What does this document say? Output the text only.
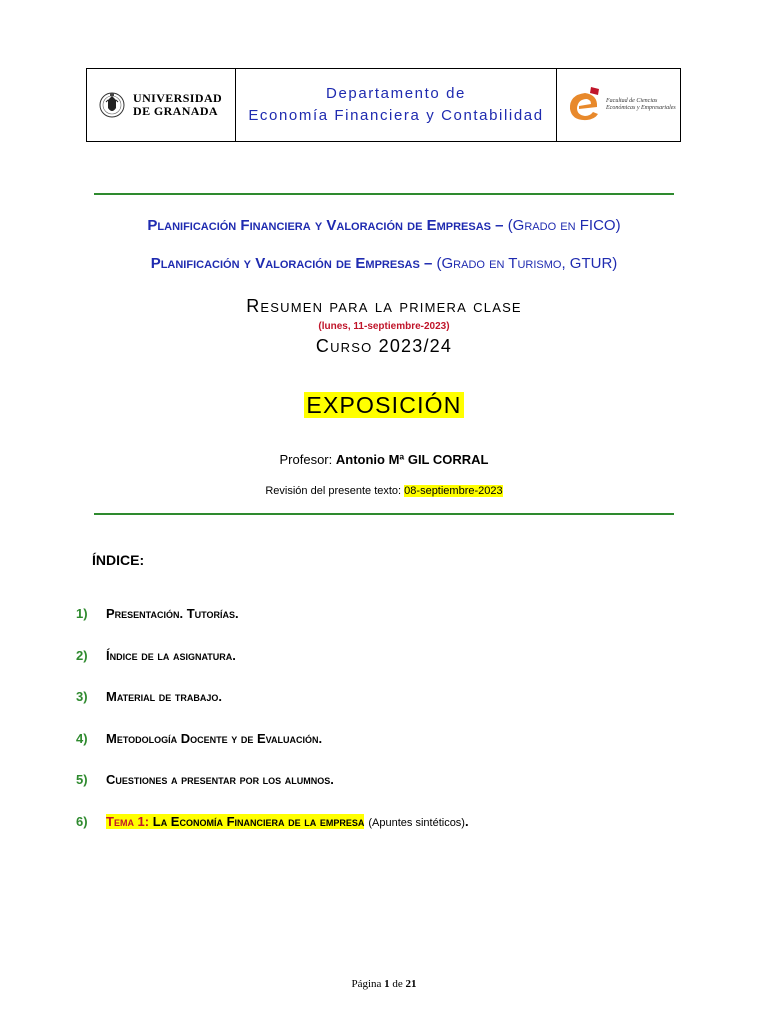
UNIVERSIDAD
DE GRANADA
Departamento de
Economía Financiera y Contabilidad
Facultad de Ciencias
Económicas y Empresariales
Planificación Financiera y Valoración de Empresas – (Grado en FICO)
Planificación y Valoración de Empresas – (Grado en Turismo, GTUR)
Resumen para la primera clase
(lunes, 11-septiembre-2023)
Curso 2023/24
EXPOSICIÓN
Profesor: Antonio Mª GIL CORRAL
Revisión del presente texto: 08-septiembre-2023
ÍNDICE:
1)	Presentación. Tutorías.
2)	Índice de la asignatura.
3)	Material de trabajo.
4)	Metodología Docente y de Evaluación.
5)	Cuestiones a presentar por los alumnos.
6)	Tema 1: La Economía Financiera de la empresa (Apuntes sintéticos) .
Página 1 de 21
